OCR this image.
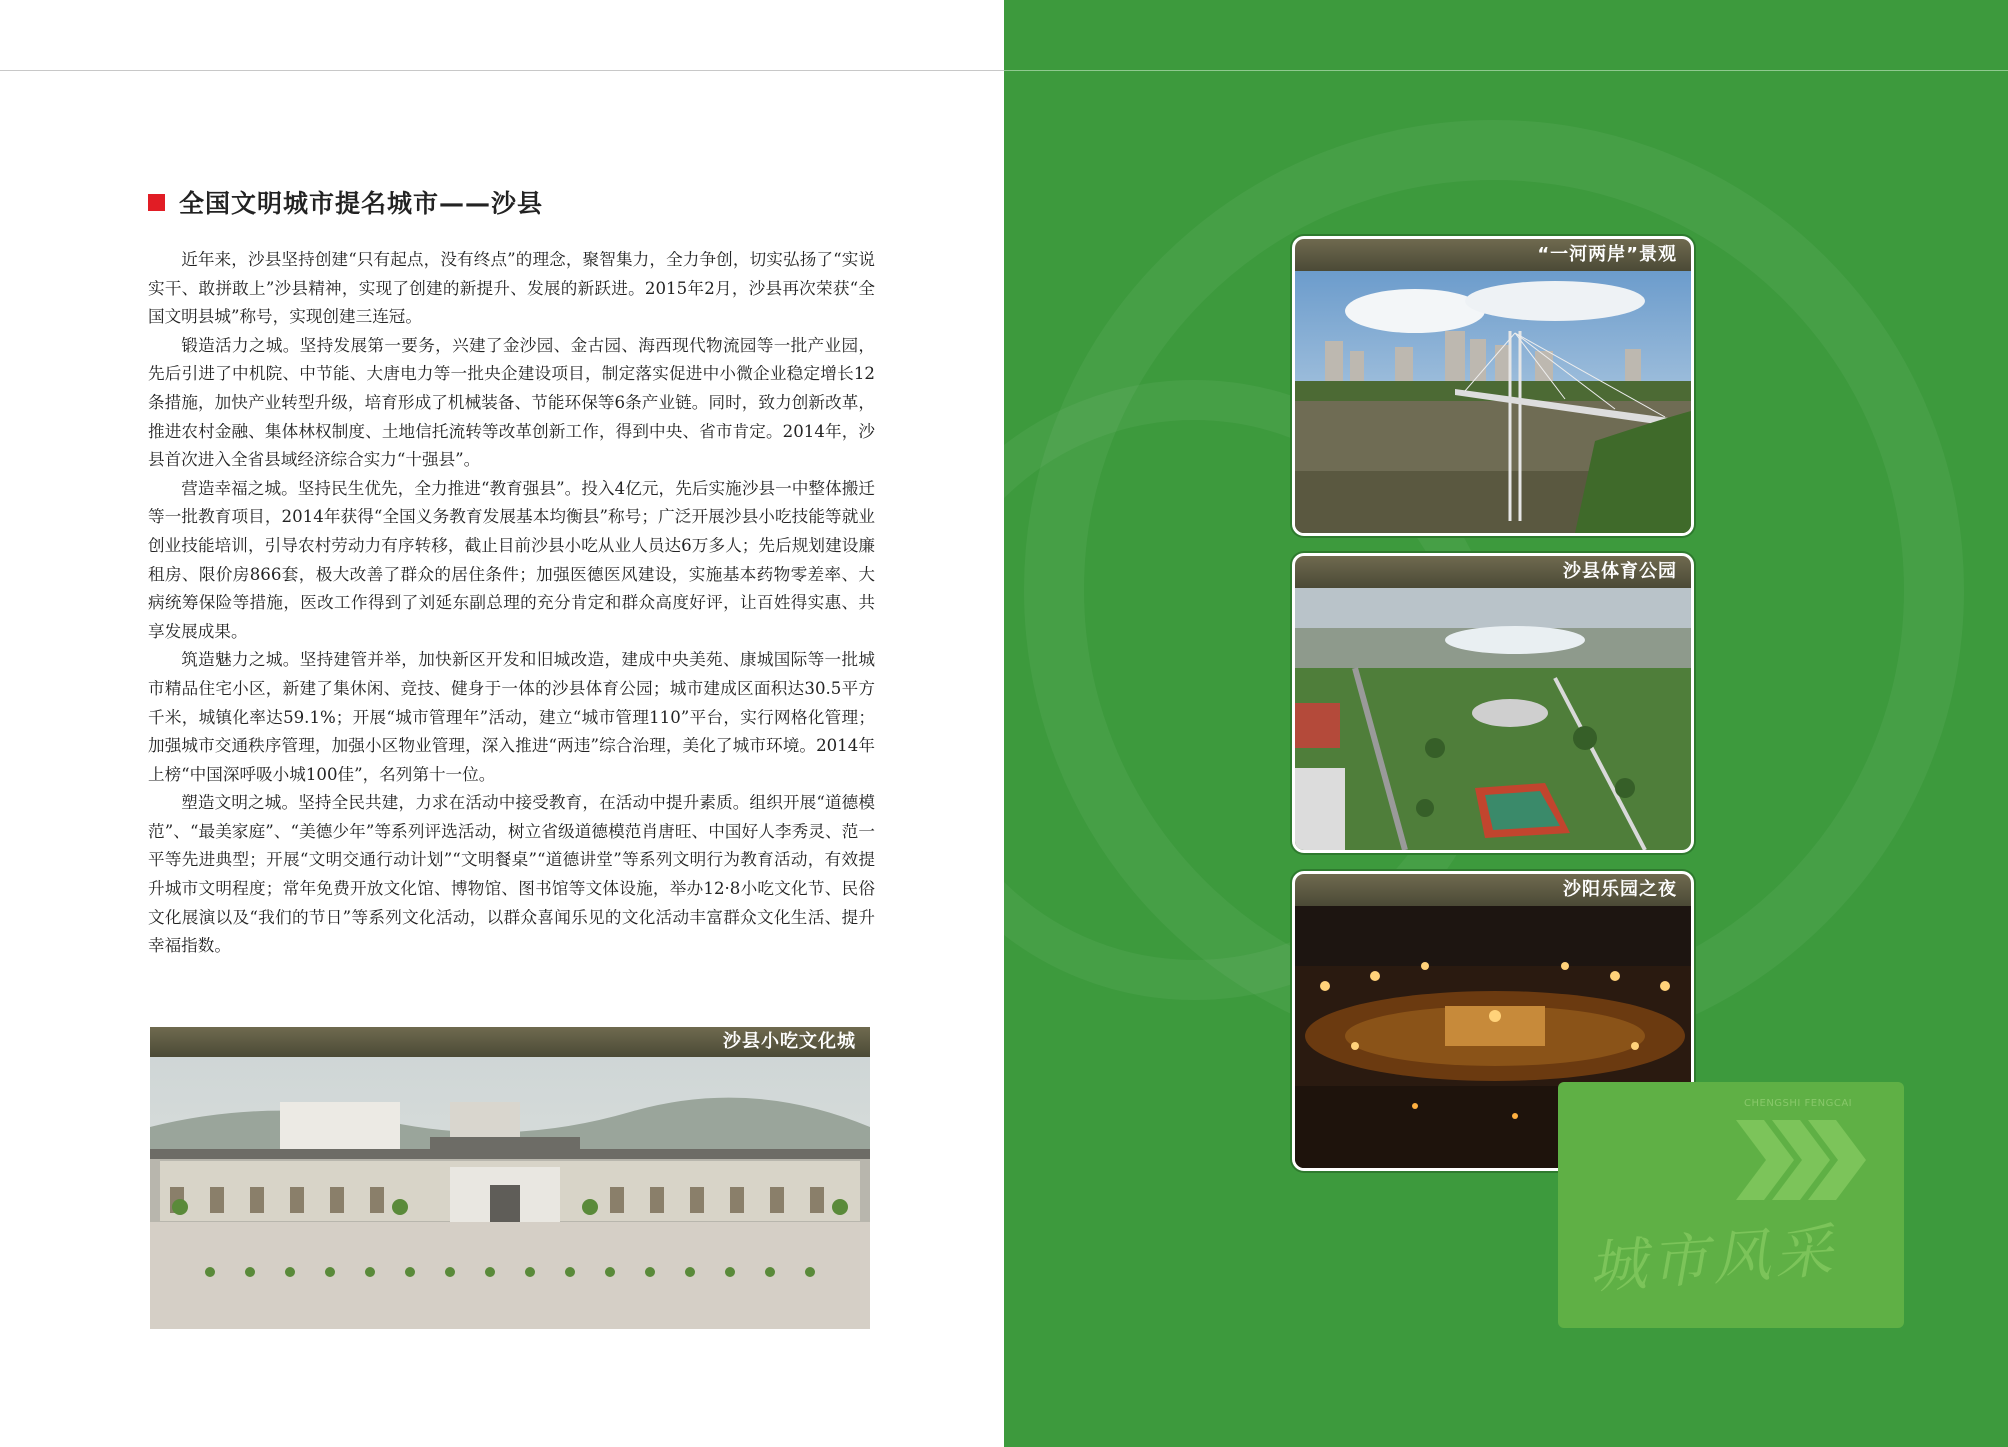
全国文明城市提名城市——沙县

近年来，沙县坚持创建“只有起点，没有终点”的理念，聚智集力，全力争创，切实弘扬了“实说实干、敢拼敢上”沙县精神，实现了创建的新提升、发展的新跃进。2015年2月，沙县再次荣获“全国文明县城”称号，实现创建三连冠。

锻造活力之城。坚持发展第一要务，兴建了金沙园、金古园、海西现代物流园等一批产业园，先后引进了中机院、中节能、大唐电力等一批央企建设项目，制定落实促进中小微企业稳定增长12条措施，加快产业转型升级，培育形成了机械装备、节能环保等6条产业链。同时，致力创新改革，推进农村金融、集体林权制度、土地信托流转等改革创新工作，得到中央、省市肯定。2014年，沙县首次进入全省县域经济综合实力“十强县”。

营造幸福之城。坚持民生优先，全力推进“教育强县”。投入4亿元，先后实施沙县一中整体搬迁等一批教育项目，2014年获得“全国义务教育发展基本均衡县”称号；广泛开展沙县小吃技能等就业创业技能培训，引导农村劳动力有序转移，截止目前沙县小吃从业人员达6万多人；先后规划建设廉租房、限价房866套，极大改善了群众的居住条件；加强医德医风建设，实施基本药物零差率、大病统筹保险等措施，医改工作得到了刘延东副总理的充分肯定和群众高度好评，让百姓得实惠、共享发展成果。

筑造魅力之城。坚持建管并举，加快新区开发和旧城改造，建成中央美苑、康城国际等一批城市精品住宅小区，新建了集休闲、竞技、健身于一体的沙县体育公园；城市建成区面积达30.5平方千米，城镇化率达59.1%；开展“城市管理年”活动，建立“城市管理110”平台，实行网格化管理；加强城市交通秩序管理，加强小区物业管理，深入推进“两违”综合治理，美化了城市环境。2014年上榜“中国深呼吸小城100佳”，名列第十一位。

塑造文明之城。坚持全民共建，力求在活动中接受教育，在活动中提升素质。组织开展“道德模范”、“最美家庭”、“美德少年”等系列评选活动，树立省级道德模范肖唐旺、中国好人李秀灵、范一平等先进典型；开展“文明交通行动计划”“文明餐桌”“道德讲堂”等系列文明行为教育活动，有效提升城市文明程度；常年免费开放文化馆、博物馆、图书馆等文体设施，举办12·8小吃文化节、民俗文化展演以及“我们的节日”等系列文化活动，以群众喜闻乐见的文化活动丰富群众文化生活、提升幸福指数。

沙县小吃文化城
“一河两岸”景观
沙县体育公园
沙阳乐园之夜
CHENGSHI FENGCAI
城市风采
